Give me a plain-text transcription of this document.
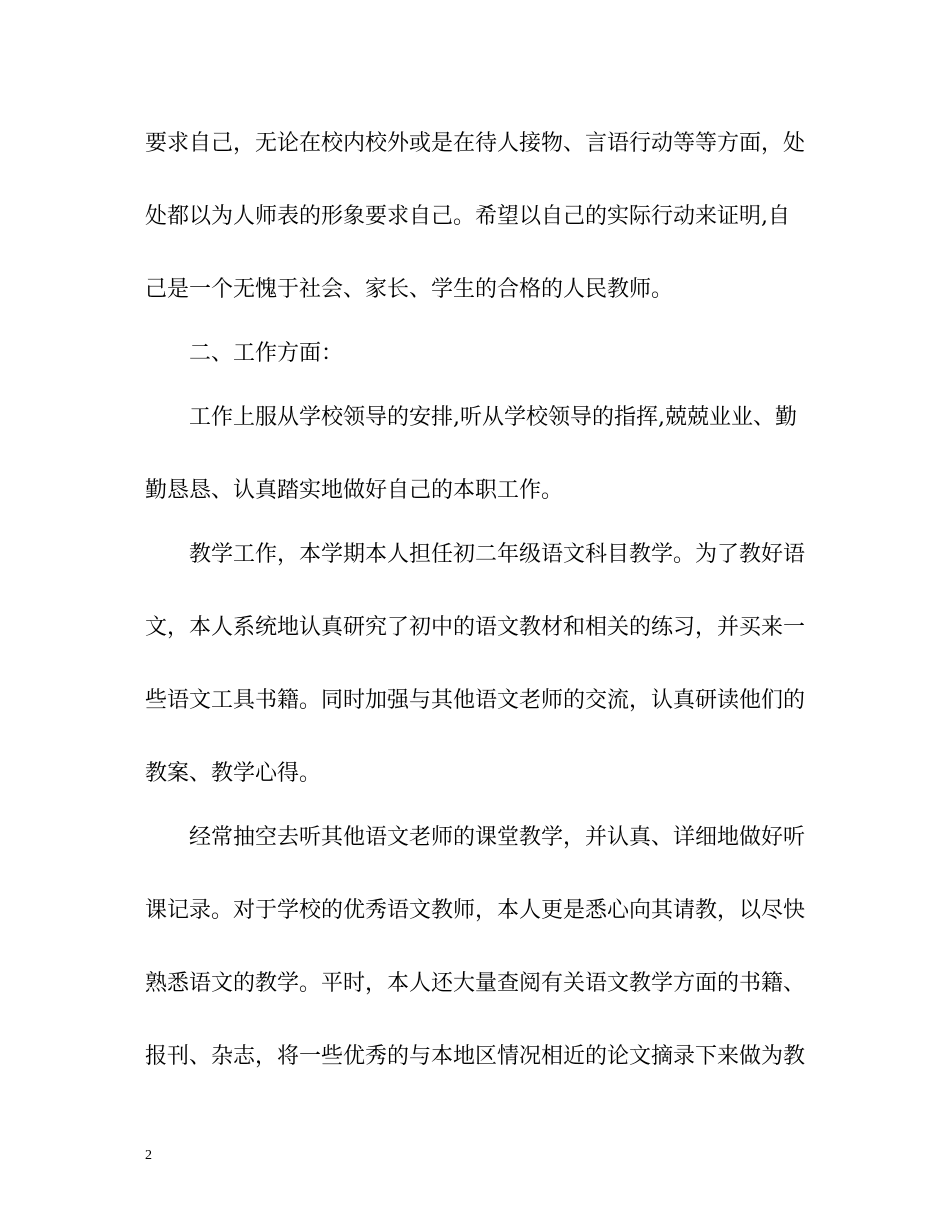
要求自己，无论在校内校外或是在待人接物、言语行动等等方面，处
处都以为人师表的形象要求自己。希望以自己的实际行动来证明,自
己是一个无愧于社会、家长、学生的合格的人民教师。
二、工作方面：
工作上服从学校领导的安排,听从学校领导的指挥,兢兢业业、勤
勤恳恳、认真踏实地做好自己的本职工作。
教学工作，本学期本人担任初二年级语文科目教学。为了教好语
文，本人系统地认真研究了初中的语文教材和相关的练习，并买来一
些语文工具书籍。同时加强与其他语文老师的交流，认真研读他们的
教案、教学心得。
经常抽空去听其他语文老师的课堂教学，并认真、详细地做好听
课记录。对于学校的优秀语文教师，本人更是悉心向其请教，以尽快
熟悉语文的教学。平时，本人还大量查阅有关语文教学方面的书籍、
报刊、杂志，将一些优秀的与本地区情况相近的论文摘录下来做为教
2
